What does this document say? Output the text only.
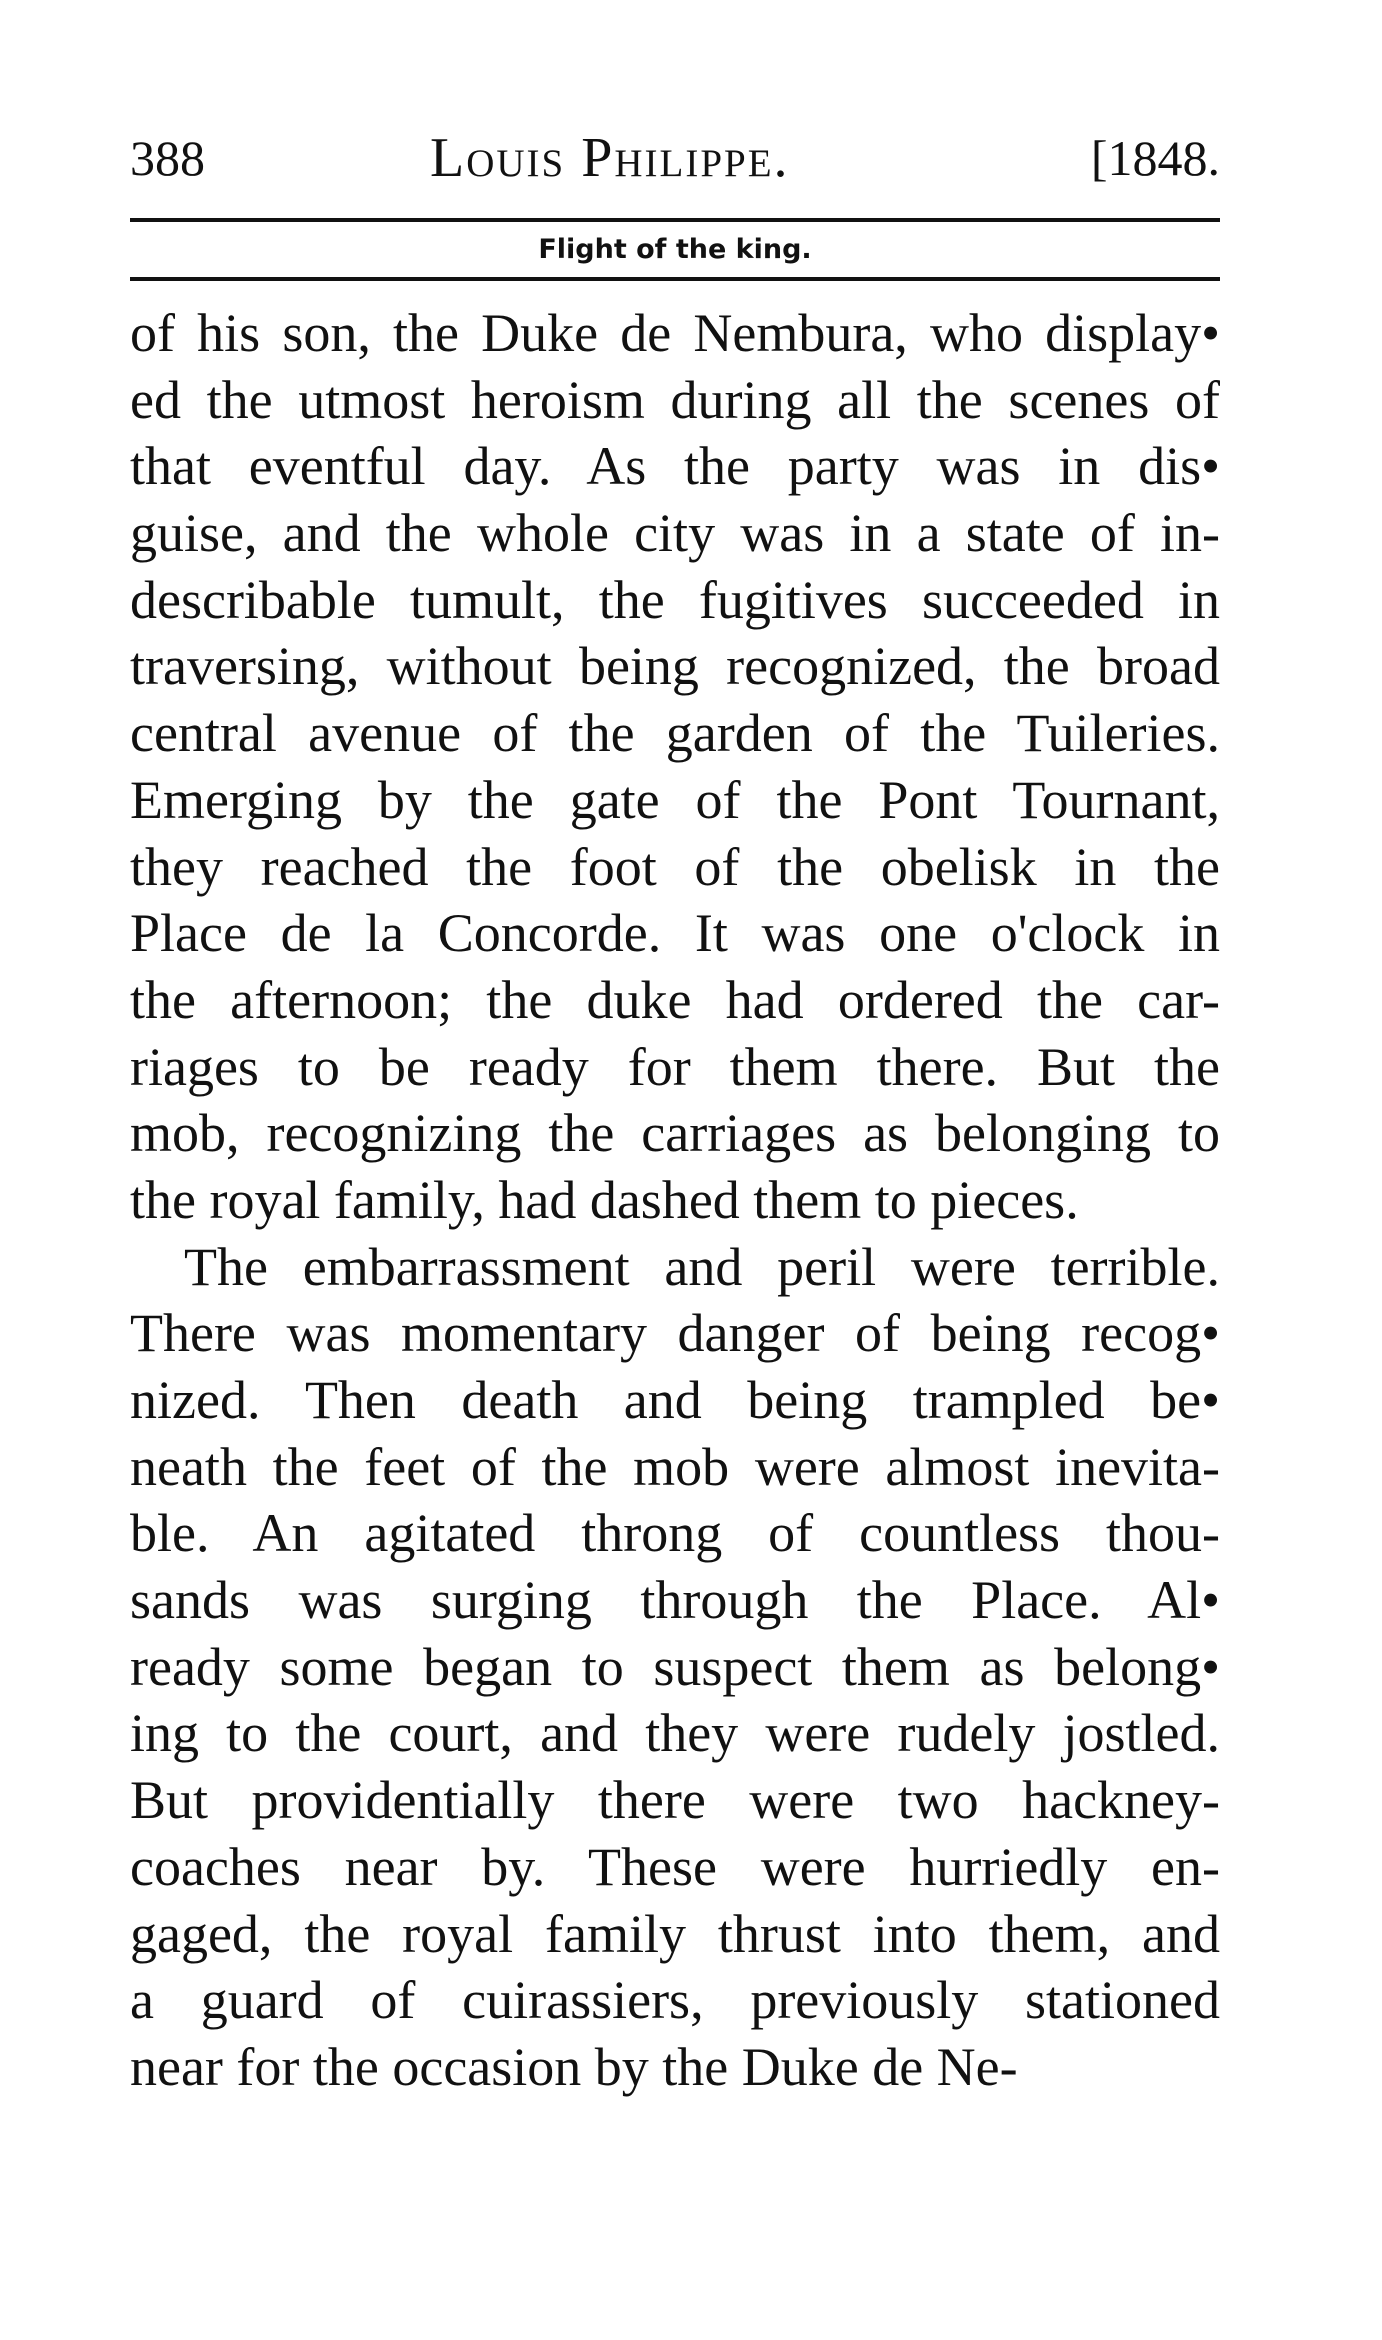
388	Louis Philippe.	[1848.
Flight of the king.
of his son, the Duke de Nembura, who display•
ed the utmost heroism during all the scenes of
that eventful day. As the party was in dis•
guise, and the whole city was in a state of in-
describable tumult, the fugitives succeeded in
traversing, without being recognized, the broad
central avenue of the garden of the Tuileries.
Emerging by the gate of the Pont Tournant,
they reached the foot of the obelisk in the
Place de la Concorde. It was one o'clock in
the afternoon; the duke had ordered the car-
riages to be ready for them there. But the
mob, recognizing the carriages as belonging to
the royal family, had dashed them to pieces.
The embarrassment and peril were terrible.
There was momentary danger of being recog•
nized. Then death and being trampled be•
neath the feet of the mob were almost inevita-
ble. An agitated throng of countless thou-
sands was surging through the Place. Al•
ready some began to suspect them as belong•
ing to the court, and they were rudely jostled.
But providentially there were two hackney-
coaches near by. These were hurriedly en-
gaged, the royal family thrust into them, and
a guard of cuirassiers, previously stationed
near for the occasion by the Duke de Ne-
